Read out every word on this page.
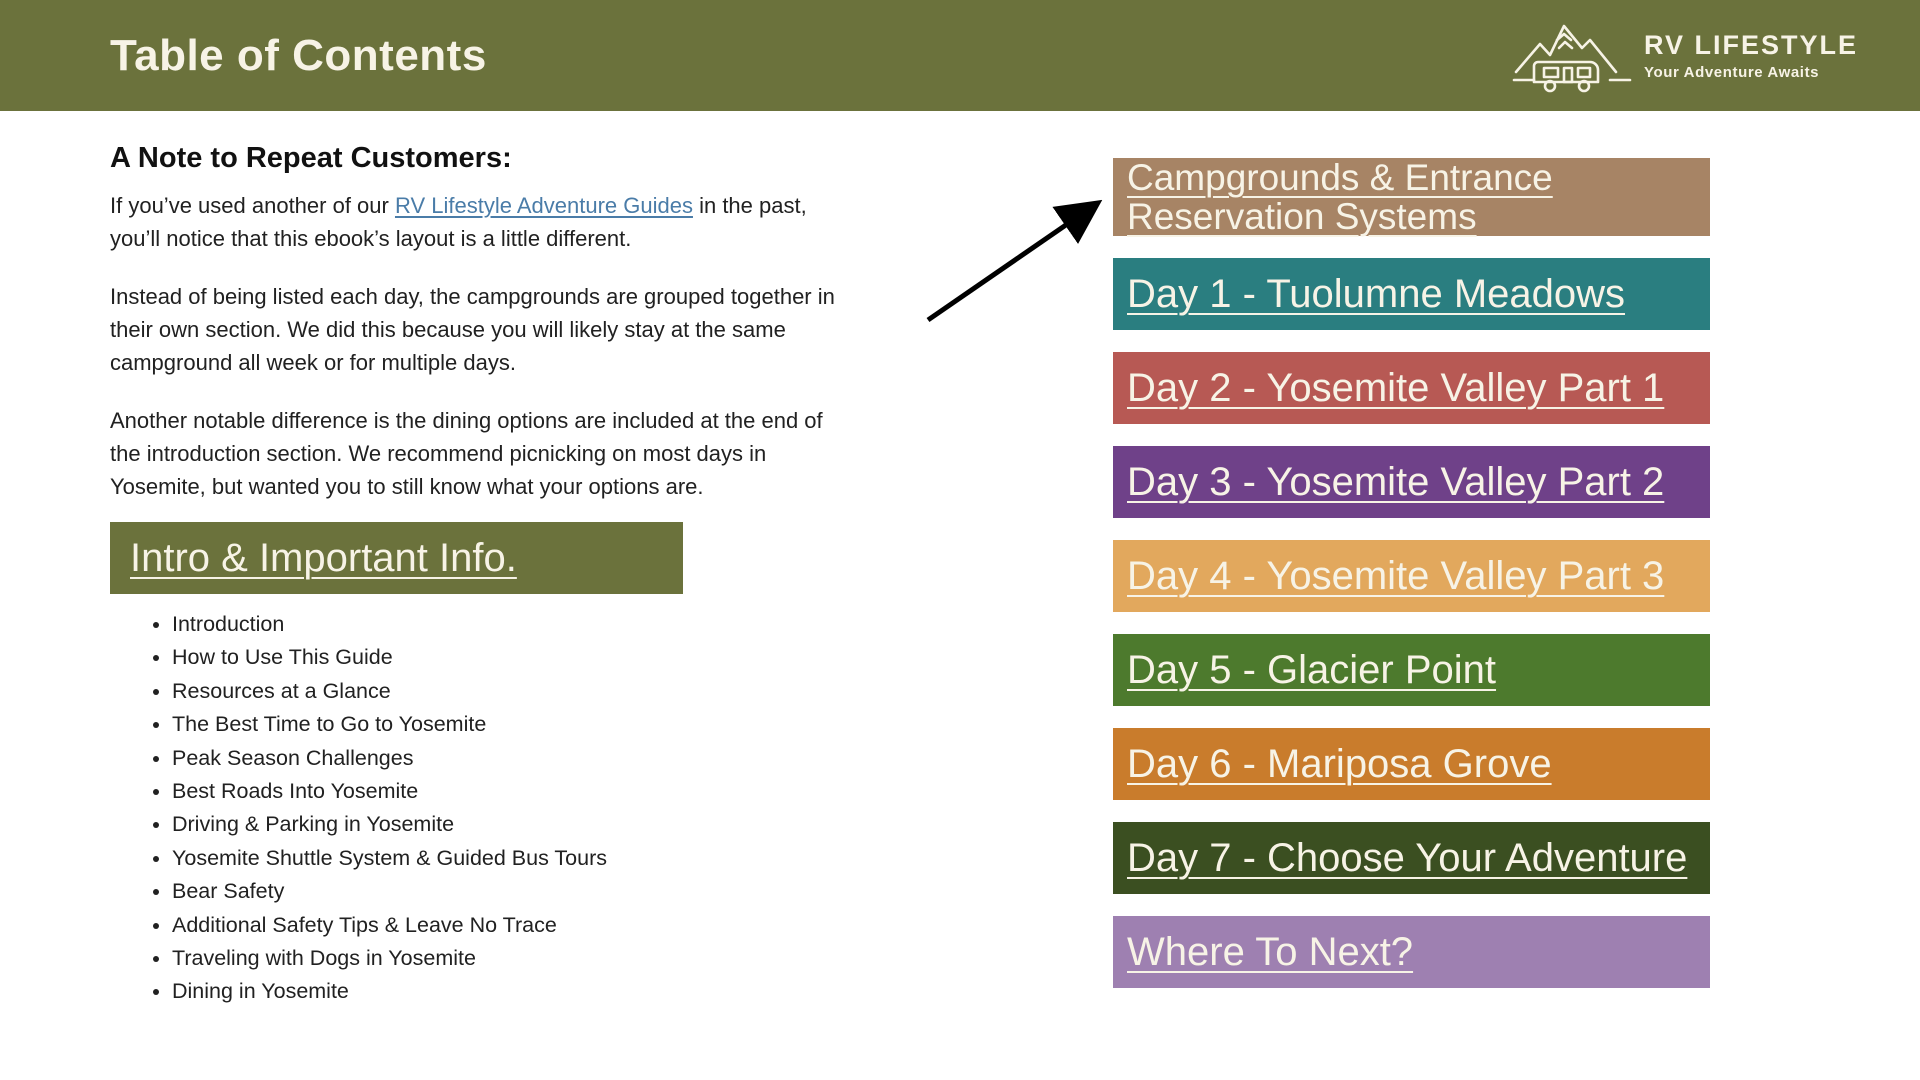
Table of Contents	RV LIFESTYLE
Your Adventure Awaits
A Note to Repeat Customers:

If you’ve used another of our RV Lifestyle Adventure Guides in the past,
you’ll notice that this ebook’s layout is a little different.

Instead of being listed each day, the campgrounds are grouped together in
their own section. We did this because you will likely stay at the same
campground all week or for multiple days.

Another notable difference is the dining options are included at the end of
the introduction section. We recommend picnicking on most days in
Yosemite, but wanted you to still know what your options are.

Intro & Important Info.
• Introduction
• How to Use This Guide
• Resources at a Glance
• The Best Time to Go to Yosemite
• Peak Season Challenges
• Best Roads Into Yosemite
• Driving & Parking in Yosemite
• Yosemite Shuttle System & Guided Bus Tours
• Bear Safety
• Additional Safety Tips & Leave No Trace
• Traveling with Dogs in Yosemite
• Dining in Yosemite
Campgrounds & Entrance Reservation Systems
Day 1 - Tuolumne Meadows
Day 2 - Yosemite Valley Part 1
Day 3 - Yosemite Valley Part 2
Day 4 - Yosemite Valley Part 3
Day 5 - Glacier Point
Day 6 - Mariposa Grove
Day 7 - Choose Your Adventure
Where To Next?
